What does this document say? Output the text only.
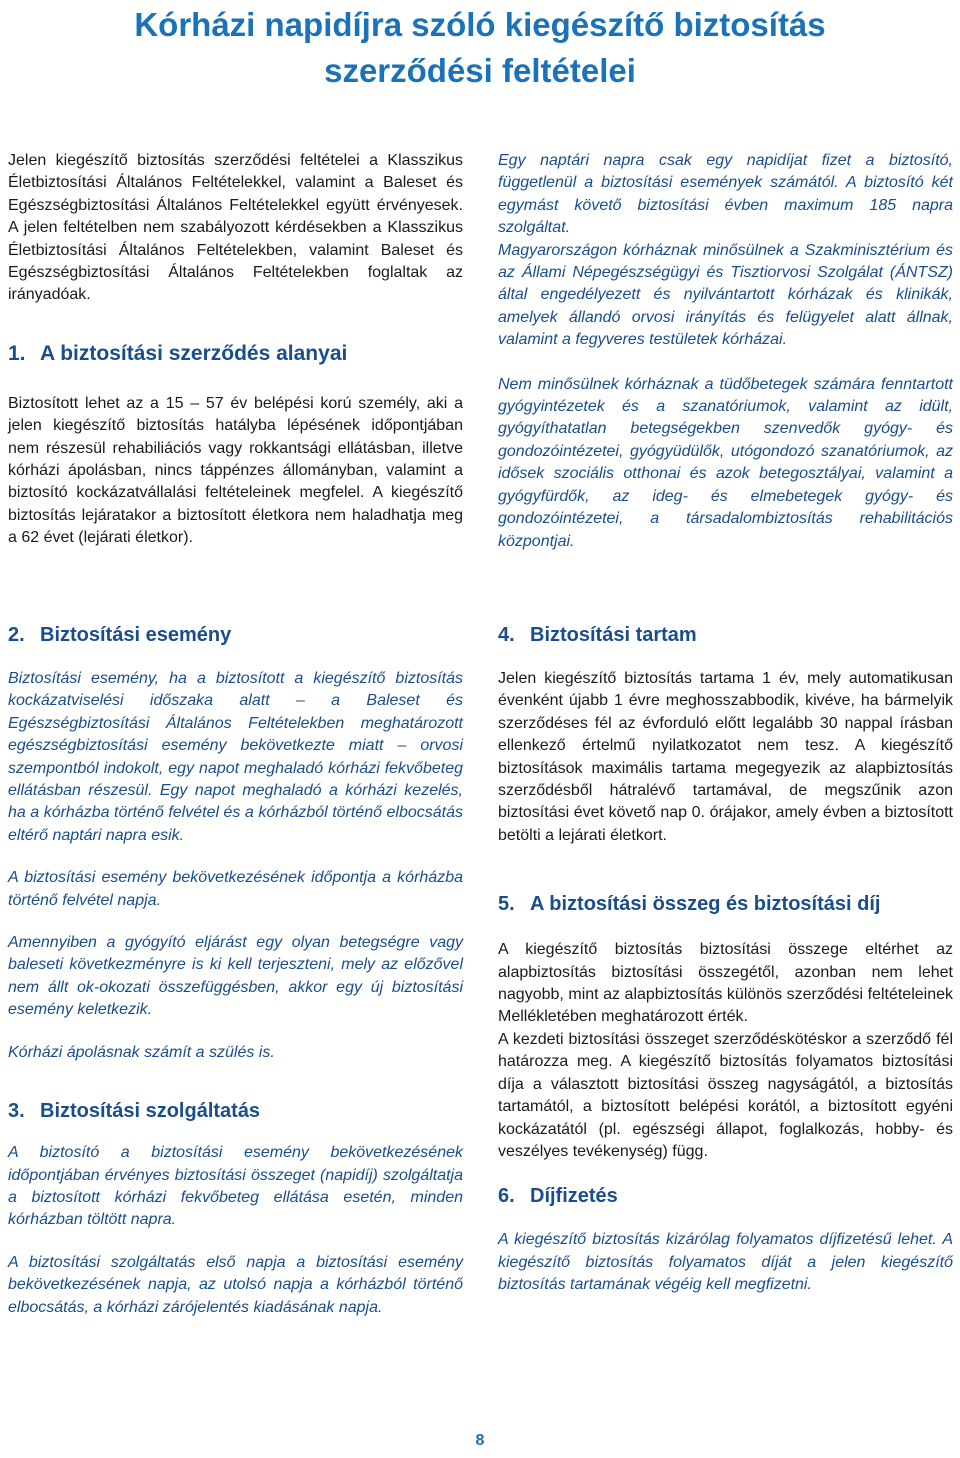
Kórházi napidíjra szóló kiegészítő biztosítás
szerződési feltételei

Jelen kiegészítő biztosítás szerződési feltételei a Klasszikus Életbiztosítási Általános Feltételekkel, valamint a Baleset és Egészségbiztosítási Általános Feltételekkel együtt érvényesek. A jelen feltételben nem szabályozott kérdésekben a Klasszikus Életbiztosítási Általános Feltételekben, valamint Baleset és Egészségbiztosítási Általános Feltételekben foglaltak az irányadóak.

1. A biztosítási szerződés alanyai

Biztosított lehet az a 15 – 57 év belépési korú személy, aki a jelen kiegészítő biztosítás hatályba lépésének időpontjában nem részesül rehabiliációs vagy rokkantsági ellátásban, illetve kórházi ápolásban, nincs táppénzes állományban, valamint a biztosító kockázatvállalási feltételeinek megfelel. A kiegészítő biztosítás lejáratakor a biztosított életkora nem haladhatja meg a 62 évet (lejárati életkor).

Egy naptári napra csak egy napidíjat fizet a biztosító, függetlenül a biztosítási események számától. A biztosító két egymást követő biztosítási évben maximum 185 napra szolgáltat.

Magyarországon kórháznak minősülnek a Szakminisztérium és az Állami Népegészségügyi és Tisztiorvosi Szolgálat (ÁNTSZ) által engedélyezett és nyilvántartott kórházak és klinikák, amelyek állandó orvosi irányítás és felügyelet alatt állnak, valamint a fegyveres testületek kórházai.

Nem minősülnek kórháznak a tüdőbetegek számára fenntartott gyógyintézetek és a szanatóriumok, valamint az idült, gyógyíthatatlan betegségekben szenvedők gyógy- és gondozóintézetei, gyógyüdülők, utógondozó szanatóriumok, az idősek szociális otthonai és azok betegosztályai, valamint a gyógyfürdők, az ideg- és elmebetegek gyógy- és gondozóintézetei, a társadalombiztosítás rehabilitációs központjai.

2. Biztosítási esemény

Biztosítási esemény, ha a biztosított a kiegészítő biztosítás kockázatviselési időszaka alatt – a Baleset és Egészségbiztosítási Általános Feltételekben meghatározott egészségbiztosítási esemény bekövetkezte miatt – orvosi szempontból indokolt, egy napot meghaladó kórházi fekvőbeteg ellátásban részesül. Egy napot meghaladó a kórházi kezelés, ha a kórházba történő felvétel és a kórházból történő elbocsátás eltérő naptári napra esik.

A biztosítási esemény bekövetkezésének időpontja a kórházba történő felvétel napja.

Amennyiben a gyógyító eljárást egy olyan betegségre vagy baleseti következményre is ki kell terjeszteni, mely az előzővel nem állt ok-okozati összefüggésben, akkor egy új biztosítási esemény keletkezik.

Kórházi ápolásnak számít a szülés is.

3. Biztosítási szolgáltatás

A biztosító a biztosítási esemény bekövetkezésének időpontjában érvényes biztosítási összeget (napidíj) szolgáltatja a biztosított kórházi fekvőbeteg ellátása esetén, minden kórházban töltött napra.

A biztosítási szolgáltatás első napja a biztosítási esemény bekövetkezésének napja, az utolsó napja a kórházból történő elbocsátás, a kórházi zárójelentés kiadásának napja.

4. Biztosítási tartam

Jelen kiegészítő biztosítás tartama 1 év, mely automatikusan évenként újabb 1 évre meghosszabbodik, kivéve, ha bármelyik szerződéses fél az évforduló előtt legalább 30 nappal írásban ellenkező értelmű nyilatkozatot nem tesz. A kiegészítő biztosítások maximális tartama megegyezik az alapbiztosítás szerződésből hátralévő tartamával, de megszűnik azon biztosítási évet követő nap 0. órájakor, amely évben a biztosított betölti a lejárati életkort.

5. A biztosítási összeg és biztosítási díj

A kiegészítő biztosítás biztosítási összege eltérhet az alapbiztosítás biztosítási összegétől, azonban nem lehet nagyobb, mint az alapbiztosítás különös szerződési feltételeinek Mellékletében meghatározott érték.

A kezdeti biztosítási összeget szerződéskötéskor a szerződő fél határozza meg. A kiegészítő biztosítás folyamatos biztosítási díja a választott biztosítási összeg nagyságától, a biztosítás tartamától, a biztosított belépési korától, a biztosított egyéni kockázatától (pl. egészségi állapot, foglalkozás, hobby- és veszélyes tevékenység) függ.

6. Díjfizetés

A kiegészítő biztosítás kizárólag folyamatos díjfizetésű lehet. A kiegészítő biztosítás folyamatos díját a jelen kiegészítő biztosítás tartamának végéig kell megfizetni.

8
